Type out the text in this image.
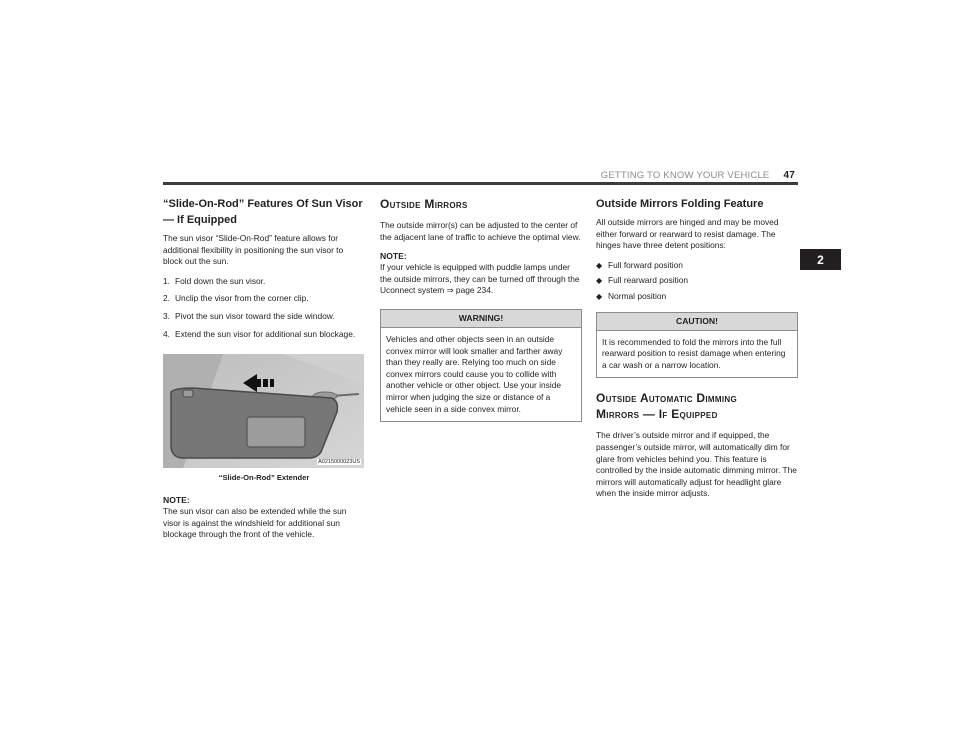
GETTING TO KNOW YOUR VEHICLE 47
2
“Slide-On-Rod” Features Of Sun Visor — If Equipped

The sun visor “Slide-On-Rod” feature allows for additional flexibility in positioning the sun visor to block out the sun.

1. Fold down the sun visor.
2. Unclip the visor from the corner clip.
3. Pivot the sun visor toward the side window.
4. Extend the sun visor for additional sun blockage.
A0215000023US
“Slide-On-Rod” Extender
NOTE:

The sun visor can also be extended while the sun visor is against the windshield for additional sun blockage through the front of the vehicle.

Outside Mirrors

The outside mirror(s) can be adjusted to the center of the adjacent lane of traffic to achieve the optimal view.

NOTE:

If your vehicle is equipped with puddle lamps under the outside mirrors, they can be turned off through the Uconnect system ⇒ page 234.

WARNING!
Vehicles and other objects seen in an outside convex mirror will look smaller and farther away than they really are. Relying too much on side convex mirrors could cause you to collide with another vehicle or other object. Use your inside mirror when judging the size or distance of a vehicle seen in a side convex mirror.
Outside Mirrors Folding Feature

All outside mirrors are hinged and may be moved either forward or rearward to resist damage. The hinges have three detent positions:

◆ Full forward position
◆ Full rearward position
◆ Normal position
CAUTION!
It is recommended to fold the mirrors into the full rearward position to resist damage when entering a car wash or a narrow location.
Outside Automatic Dimming
Mirrors — If Equipped

The driver’s outside mirror and if equipped, the passenger’s outside mirror, will automatically dim for glare from vehicles behind you. This feature is controlled by the inside automatic dimming mirror. The mirrors will automatically adjust for headlight glare when the inside mirror adjusts.
